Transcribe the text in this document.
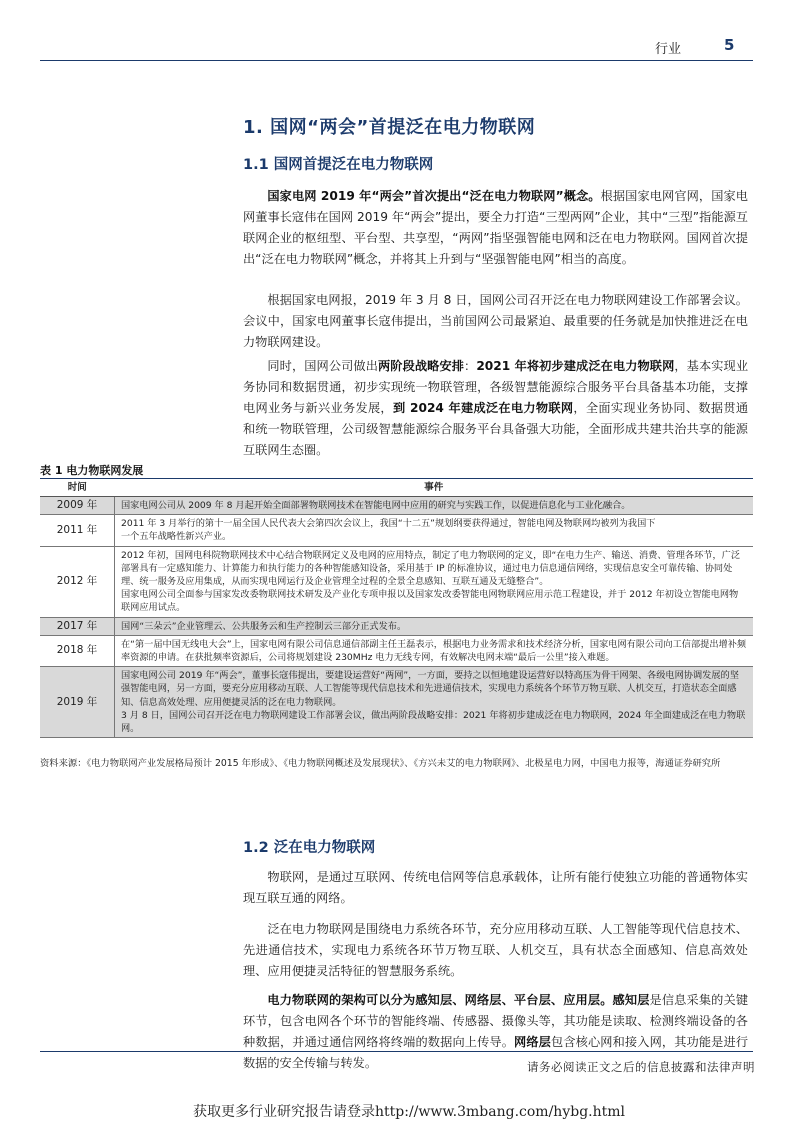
行业	5
1. 国网“两会”首提泛在电力物联网
1.1 国网首提泛在电力物联网

国家电网 2019 年“两会”首次提出“泛在电力物联网”概念。根据国家电网官网，国家电网董事长寇伟在国网 2019 年“两会”提出，要全力打造“三型两网”企业，其中“三型”指能源互联网企业的枢纽型、平台型、共享型，“两网”指坚强智能电网和泛在电力物联网。国网首次提出“泛在电力物联网”概念，并将其上升到与“坚强智能电网”相当的高度。

根据国家电网报，2019 年 3 月 8 日，国网公司召开泛在电力物联网建设工作部署会议。会议中，国家电网董事长寇伟提出，当前国网公司最紧迫、最重要的任务就是加快推进泛在电力物联网建设。

同时，国网公司做出两阶段战略安排：2021 年将初步建成泛在电力物联网，基本实现业务协同和数据贯通，初步实现统一物联管理，各级智慧能源综合服务平台具备基本功能，支撑电网业务与新兴业务发展，到 2024 年建成泛在电力物联网，全面实现业务协同、数据贯通和统一物联管理，公司级智慧能源综合服务平台具备强大功能，全面形成共建共治共享的能源互联网生态圈。

表 1 电力物联网发展
时间	事件
2009 年	国家电网公司从 2009 年 8 月起开始全面部署物联网技术在智能电网中应用的研究与实践工作，以促进信息化与工业化融合。

2011 年	2011 年 3 月举行的第十一届全国人民代表大会第四次会议上，我国“十二五”规划纲要获得通过，智能电网及物联网均被列为我国下
一个五年战略性新兴产业。

2012 年	2012 年初，国网电科院物联网技术中心结合物联网定义及电网的应用特点，制定了电力物联网的定义，即“在电力生产、输送、消费、管理各环节，广泛部署具有一定感知能力、计算能力和执行能力的各种智能感知设备，采用基于 IP 的标准协议，通过电力信息通信网络，实现信息安全可靠传输、协同处理、统一服务及应用集成，从而实现电网运行及企业管理全过程的全景全息感知、互联互通及无缝整合”。
国家电网公司全面参与国家发改委物联网技术研发及产业化专项申报以及国家发改委智能电网物联网应用示范工程建设，并于 2012 年初设立智能电网物联网应用试点。

2017 年	国网“三朵云”企业管理云、公共服务云和生产控制云三部分正式发布。

2018 年	在“第一届中国无线电大会”上，国家电网有限公司信息通信部副主任王磊表示，根据电力业务需求和技术经济分析，国家电网有限公司向工信部提出增补频率资源的申请。在获批频率资源后，公司将规划建设 230MHz 电力无线专网，有效解决电网末端“最后一公里”接入难题。

2019 年	国家电网公司 2019 年“两会”，董事长寇伟提出，要建设运营好“两网”，一方面，要持之以恒地建设运营好以特高压为骨干网架、各级电网协调发展的坚强智能电网，另一方面，要充分应用移动互联、人工智能等现代信息技术和先进通信技术，实现电力系统各个环节万物互联、人机交互，打造状态全面感知、信息高效处理、应用便捷灵活的泛在电力物联网。
3 月 8 日，国网公司召开泛在电力物联网建设工作部署会议，做出两阶段战略安排：2021 年将初步建成泛在电力物联网，2024 年全面建成泛在电力物联网。
资料来源：《电力物联网产业发展格局预计 2015 年形成》、《电力物联网概述及发展现状》、《方兴未艾的电力物联网》、北极星电力网，中国电力报等，海通证券研究所
1.2 泛在电力物联网

物联网，是通过互联网、传统电信网等信息承载体，让所有能行使独立功能的普通物体实现互联互通的网络。

泛在电力物联网是围绕电力系统各环节，充分应用移动互联、人工智能等现代信息技术、先进通信技术，实现电力系统各环节万物互联、人机交互，具有状态全面感知、信息高效处理、应用便捷灵活特征的智慧服务系统。

电力物联网的架构可以分为感知层、网络层、平台层、应用层。感知层是信息采集的关键环节，包含电网各个环节的智能终端、传感器、摄像头等，其功能是读取、检测终端设备的各种数据，并通过通信网络将终端的数据向上传导。网络层包含核心网和接入网，其功能是进行数据的安全传输与转发。	请务必阅读正文之后的信息披露和法律声明
获取更多行业研究报告请登录http://www.3mbang.com/hybg.html
